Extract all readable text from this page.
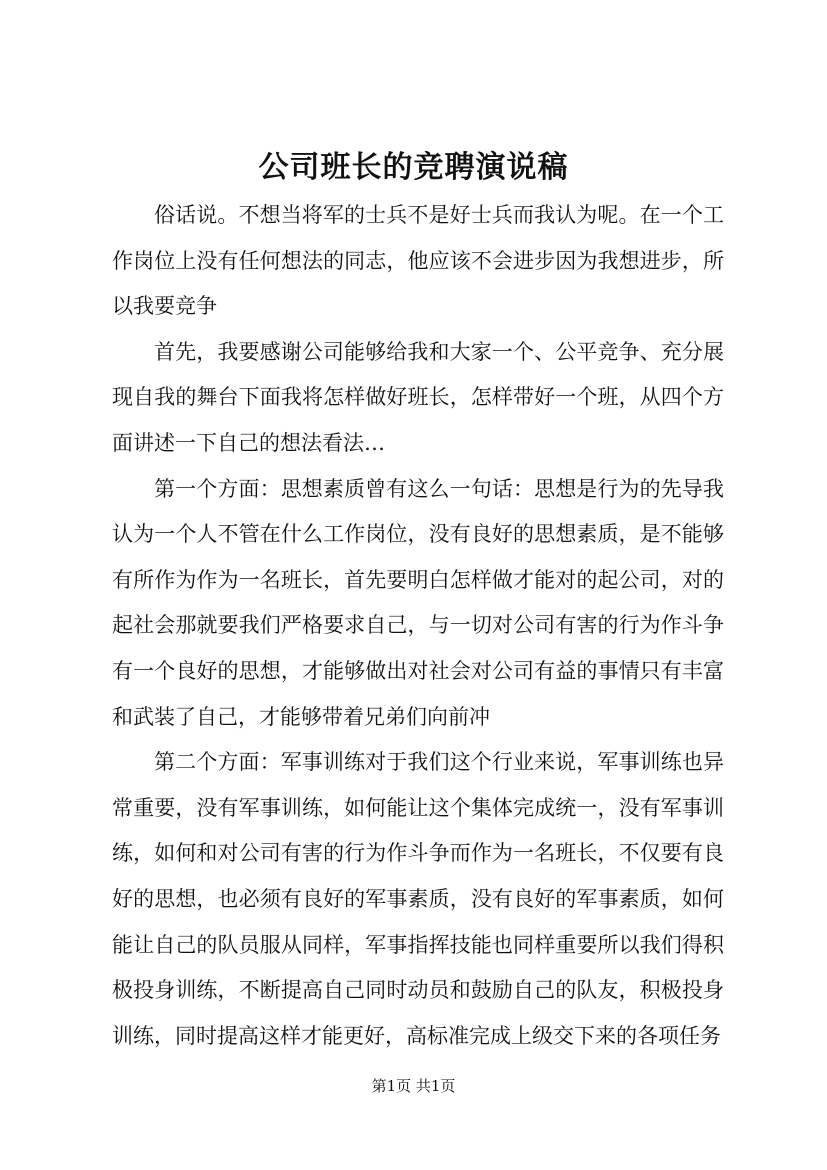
公司班长的竞聘演说稿

俗话说。不想当将军的士兵不是好士兵而我认为呢。在一个工作岗位上没有任何想法的同志，他应该不会进步因为我想进步，所以我要竞争

首先，我要感谢公司能够给我和大家一个、公平竞争、充分展现自我的舞台下面我将怎样做好班长，怎样带好一个班，从四个方面讲述一下自己的想法看法…

第一个方面：思想素质曾有这么一句话：思想是行为的先导我认为一个人不管在什么工作岗位，没有良好的思想素质，是不能够有所作为作为一名班长，首先要明白怎样做才能对的起公司，对的起社会那就要我们严格要求自己，与一切对公司有害的行为作斗争有一个良好的思想，才能够做出对社会对公司有益的事情只有丰富和武装了自己，才能够带着兄弟们向前冲

第二个方面：军事训练对于我们这个行业来说，军事训练也异常重要，没有军事训练，如何能让这个集体完成统一，没有军事训练，如何和对公司有害的行为作斗争而作为一名班长，不仅要有良好的思想，也必须有良好的军事素质，没有良好的军事素质，如何能让自己的队员服从同样，军事指挥技能也同样重要所以我们得积极投身训练，不断提高自己同时动员和鼓励自己的队友，积极投身训练，同时提高这样才能更好，高标准完成上级交下来的各项任务

第1页 共1页
